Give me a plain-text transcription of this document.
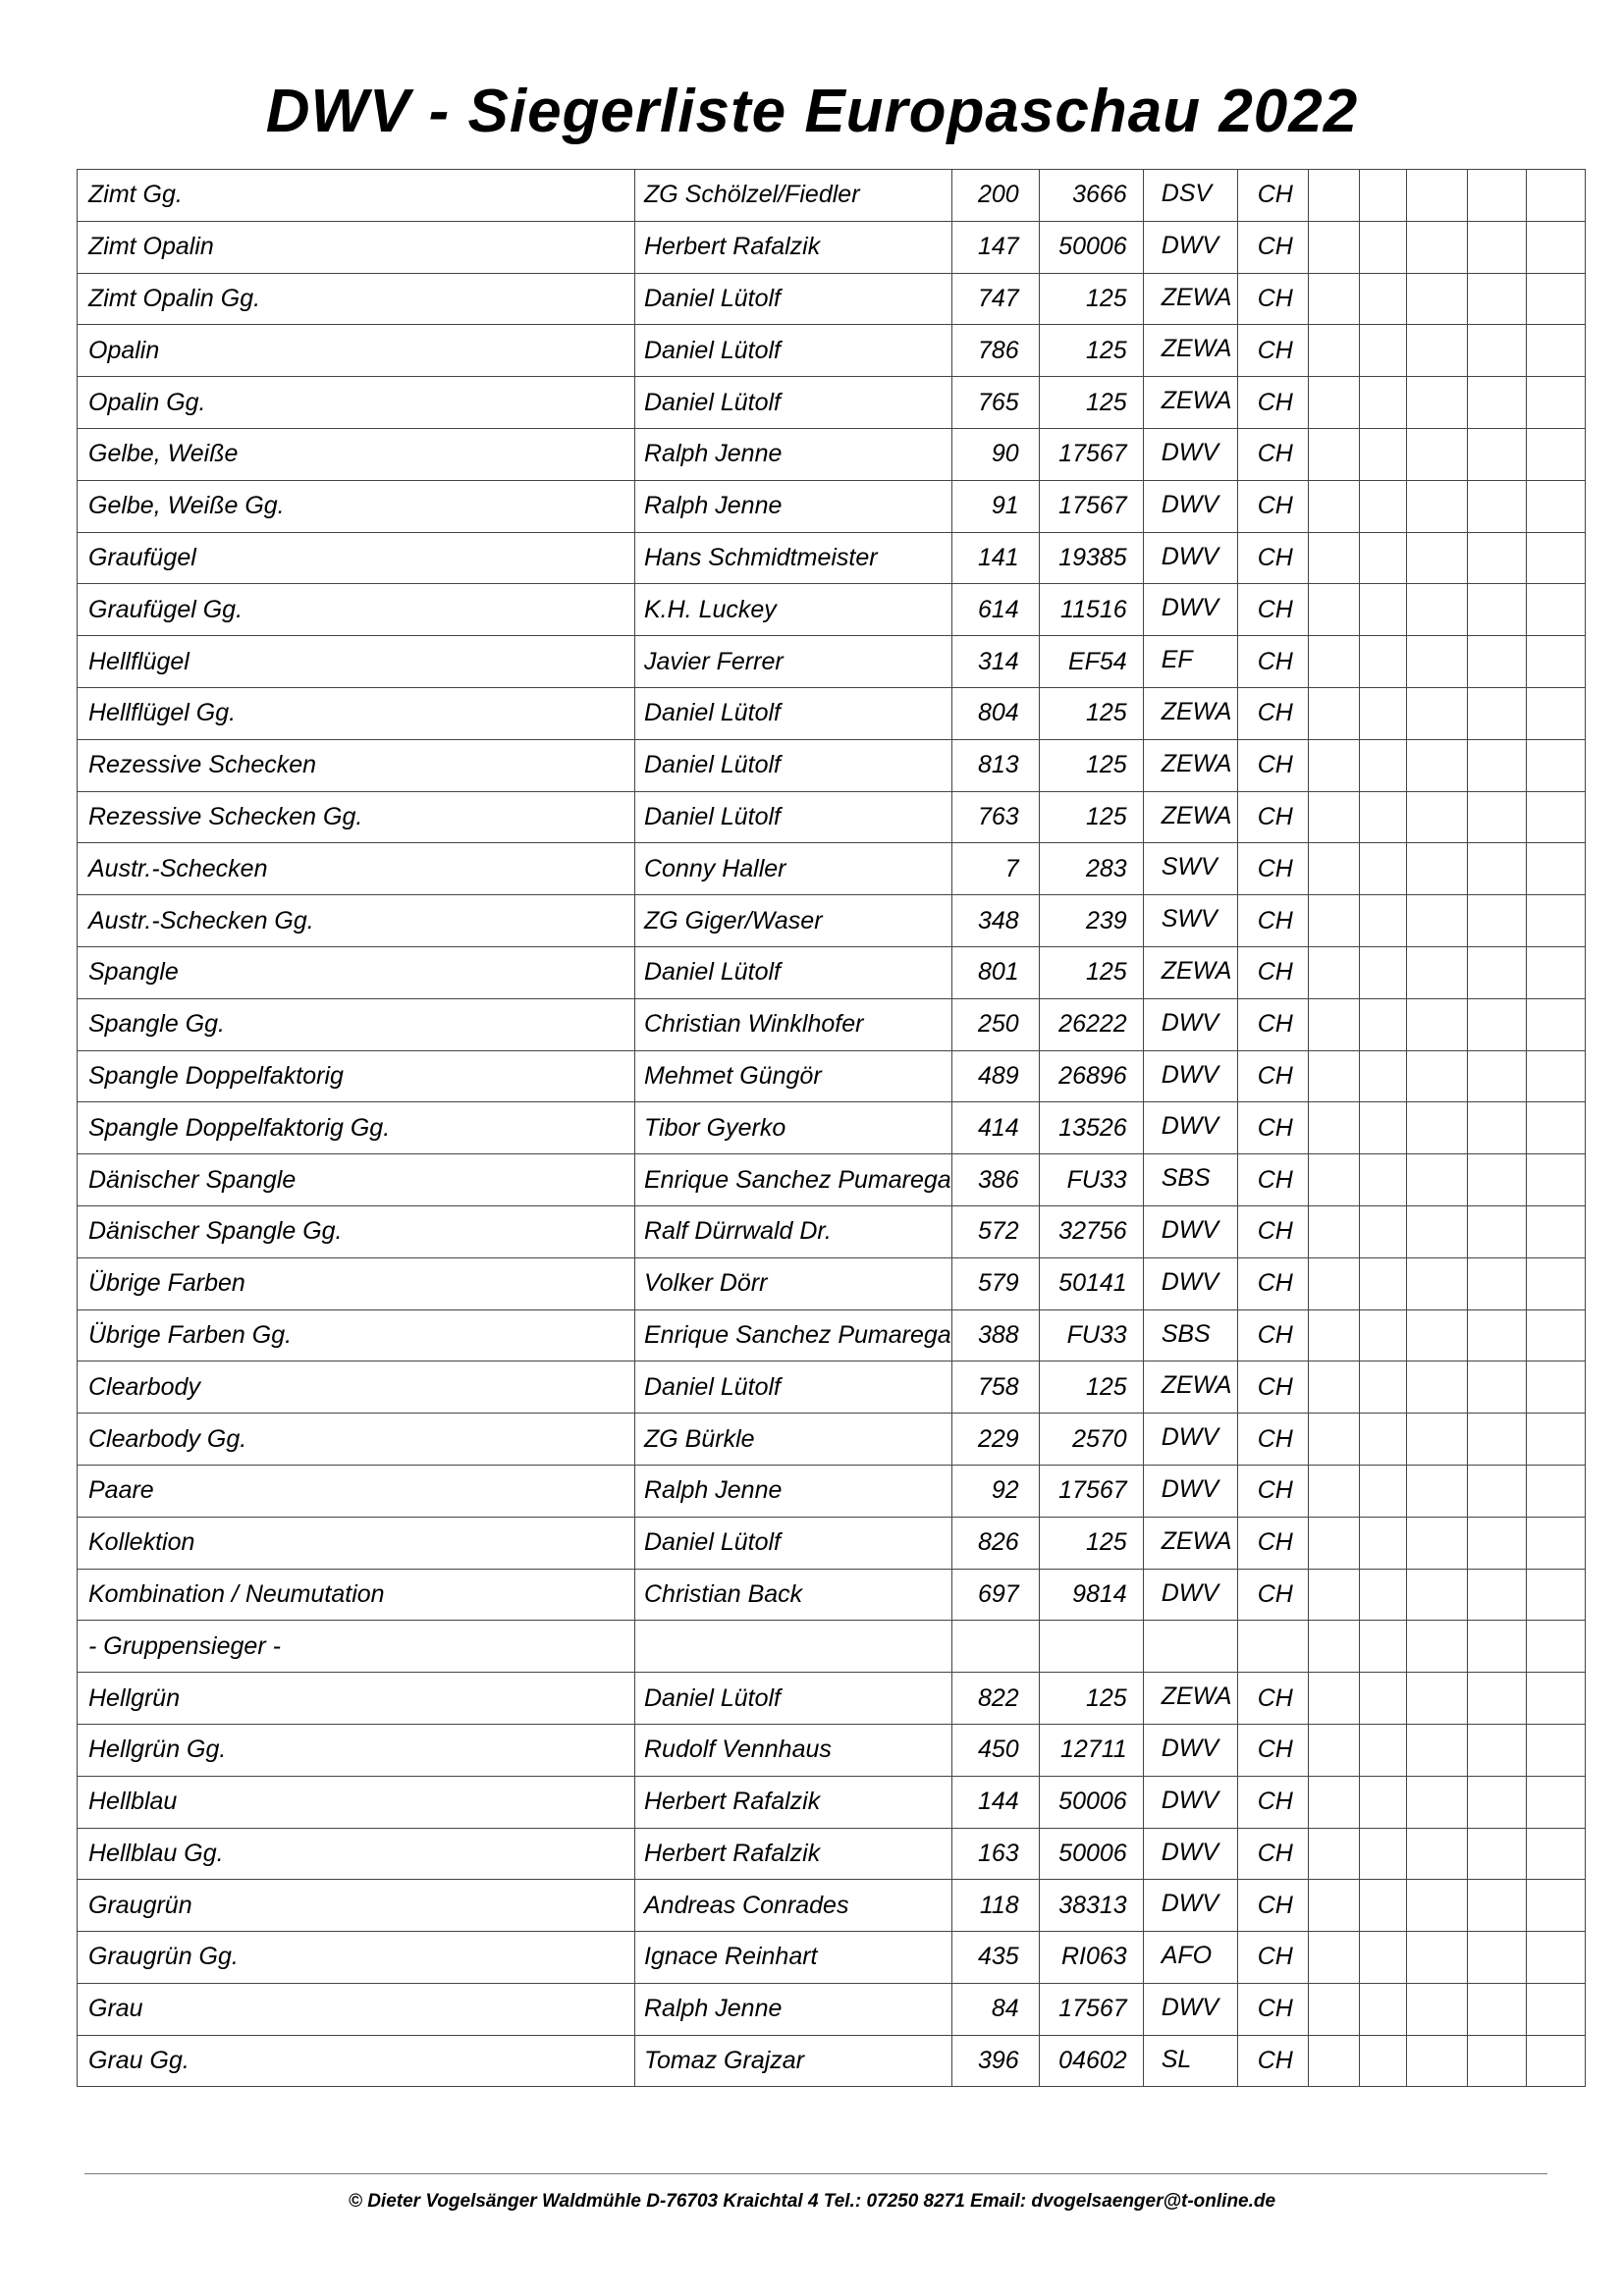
DWV - Siegerliste Europaschau 2022
Zimt Gg.	ZG Schölzel/Fiedler	200	3666	DSV	CH					
Zimt Opalin	Herbert Rafalzik	147	50006	DWV	CH					
Zimt Opalin Gg.	Daniel Lütolf	747	125	ZEWA	CH					
Opalin	Daniel Lütolf	786	125	ZEWA	CH					
Opalin Gg.	Daniel Lütolf	765	125	ZEWA	CH					
Gelbe, Weiße	Ralph Jenne	90	17567	DWV	CH					
Gelbe, Weiße Gg.	Ralph Jenne	91	17567	DWV	CH					
Graufügel	Hans Schmidtmeister	141	19385	DWV	CH					
Graufügel Gg.	K.H. Luckey	614	11516	DWV	CH					
Hellflügel	Javier Ferrer	314	EF54	EF	CH					
Hellflügel Gg.	Daniel Lütolf	804	125	ZEWA	CH					
Rezessive Schecken	Daniel Lütolf	813	125	ZEWA	CH					
Rezessive Schecken Gg.	Daniel Lütolf	763	125	ZEWA	CH					
Austr.-Schecken	Conny Haller	7	283	SWV	CH					
Austr.-Schecken Gg.	ZG Giger/Waser	348	239	SWV	CH					
Spangle	Daniel Lütolf	801	125	ZEWA	CH					
Spangle Gg.	Christian Winklhofer	250	26222	DWV	CH					
Spangle Doppelfaktorig	Mehmet Güngör	489	26896	DWV	CH					
Spangle Doppelfaktorig Gg.	Tibor Gyerko	414	13526	DWV	CH					
Dänischer Spangle	Enrique Sanchez Pumarega	386	FU33	SBS	CH					
Dänischer Spangle Gg.	Ralf Dürrwald Dr.	572	32756	DWV	CH					
Übrige Farben	Volker Dörr	579	50141	DWV	CH					
Übrige Farben Gg.	Enrique Sanchez Pumarega	388	FU33	SBS	CH					
Clearbody	Daniel Lütolf	758	125	ZEWA	CH					
Clearbody Gg.	ZG Bürkle	229	2570	DWV	CH					
Paare	Ralph Jenne	92	17567	DWV	CH					
Kollektion	Daniel Lütolf	826	125	ZEWA	CH					
Kombination / Neumutation	Christian Back	697	9814	DWV	CH					
- Gruppensieger -										
Hellgrün	Daniel Lütolf	822	125	ZEWA	CH					
Hellgrün Gg.	Rudolf Vennhaus	450	12711	DWV	CH					
Hellblau	Herbert Rafalzik	144	50006	DWV	CH					
Hellblau Gg.	Herbert Rafalzik	163	50006	DWV	CH					
Graugrün	Andreas Conrades	118	38313	DWV	CH					
Graugrün Gg.	Ignace Reinhart	435	RI063	AFO	CH					
Grau	Ralph Jenne	84	17567	DWV	CH					
Grau Gg.	Tomaz Grajzar	396	04602	SL	CH					
© Dieter Vogelsänger Waldmühle D-76703 Kraichtal 4 Tel.: 07250 8271 Email: dvogelsaenger@t-online.de
